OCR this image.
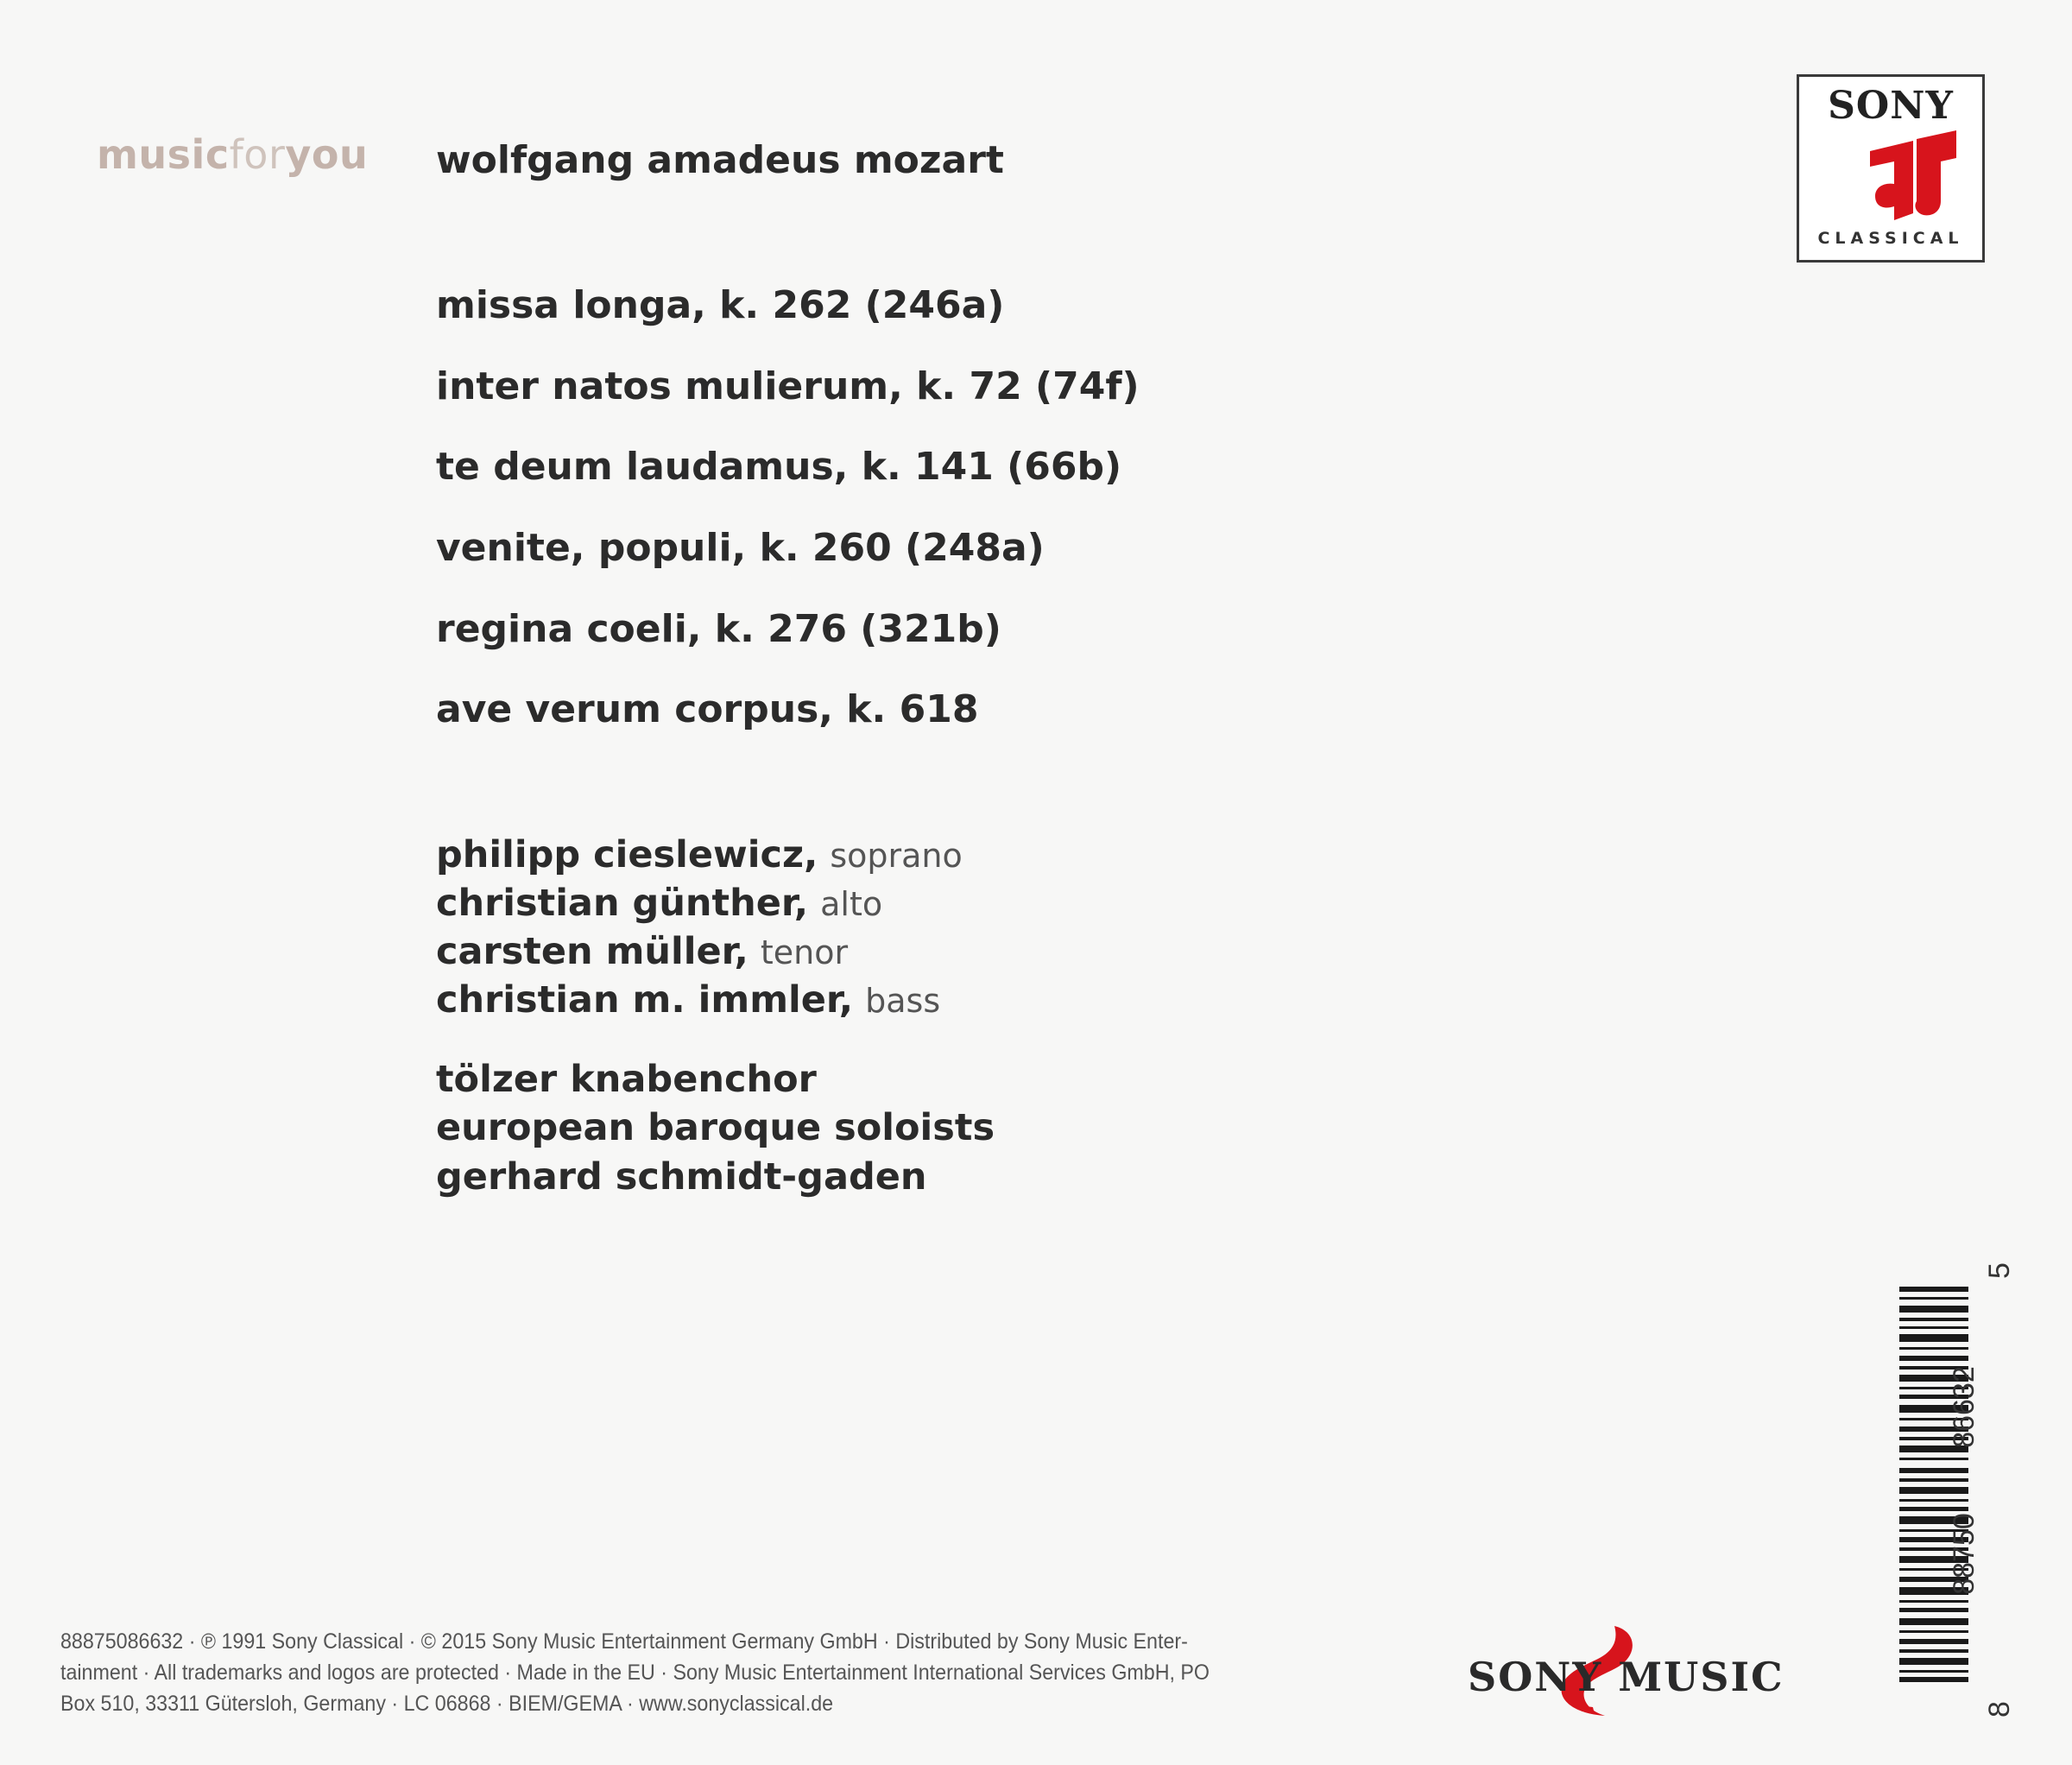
musicforyou wolfgang amadeus mozart
missa longa, k. 262 (246a)
inter natos mulierum, k. 72 (74f)
te deum laudamus, k. 141 (66b)
venite, populi, k. 260 (248a)
regina coeli, k. 276 (321b)
ave verum corpus, k. 618
philipp cieslewicz, soprano
christian günther, alto
carsten müller, tenor
christian m. immler, bass
tölzer knabenchor
european baroque soloists
gerhard schmidt-gaden
SONY
CLASSICAL
88875086632 · ℗ 1991 Sony Classical · © 2015 Sony Music Entertainment Germany GmbH · Distributed by Sony Music Enter-
tainment · All trademarks and logos are protected · Made in the EU · Sony Music Entertainment International Services GmbH, PO
Box 510, 33311 Gütersloh, Germany · LC 06868 · BIEM/GEMA · www.sonyclassical.de
SONY MUSIC
5
86632
88750
8
